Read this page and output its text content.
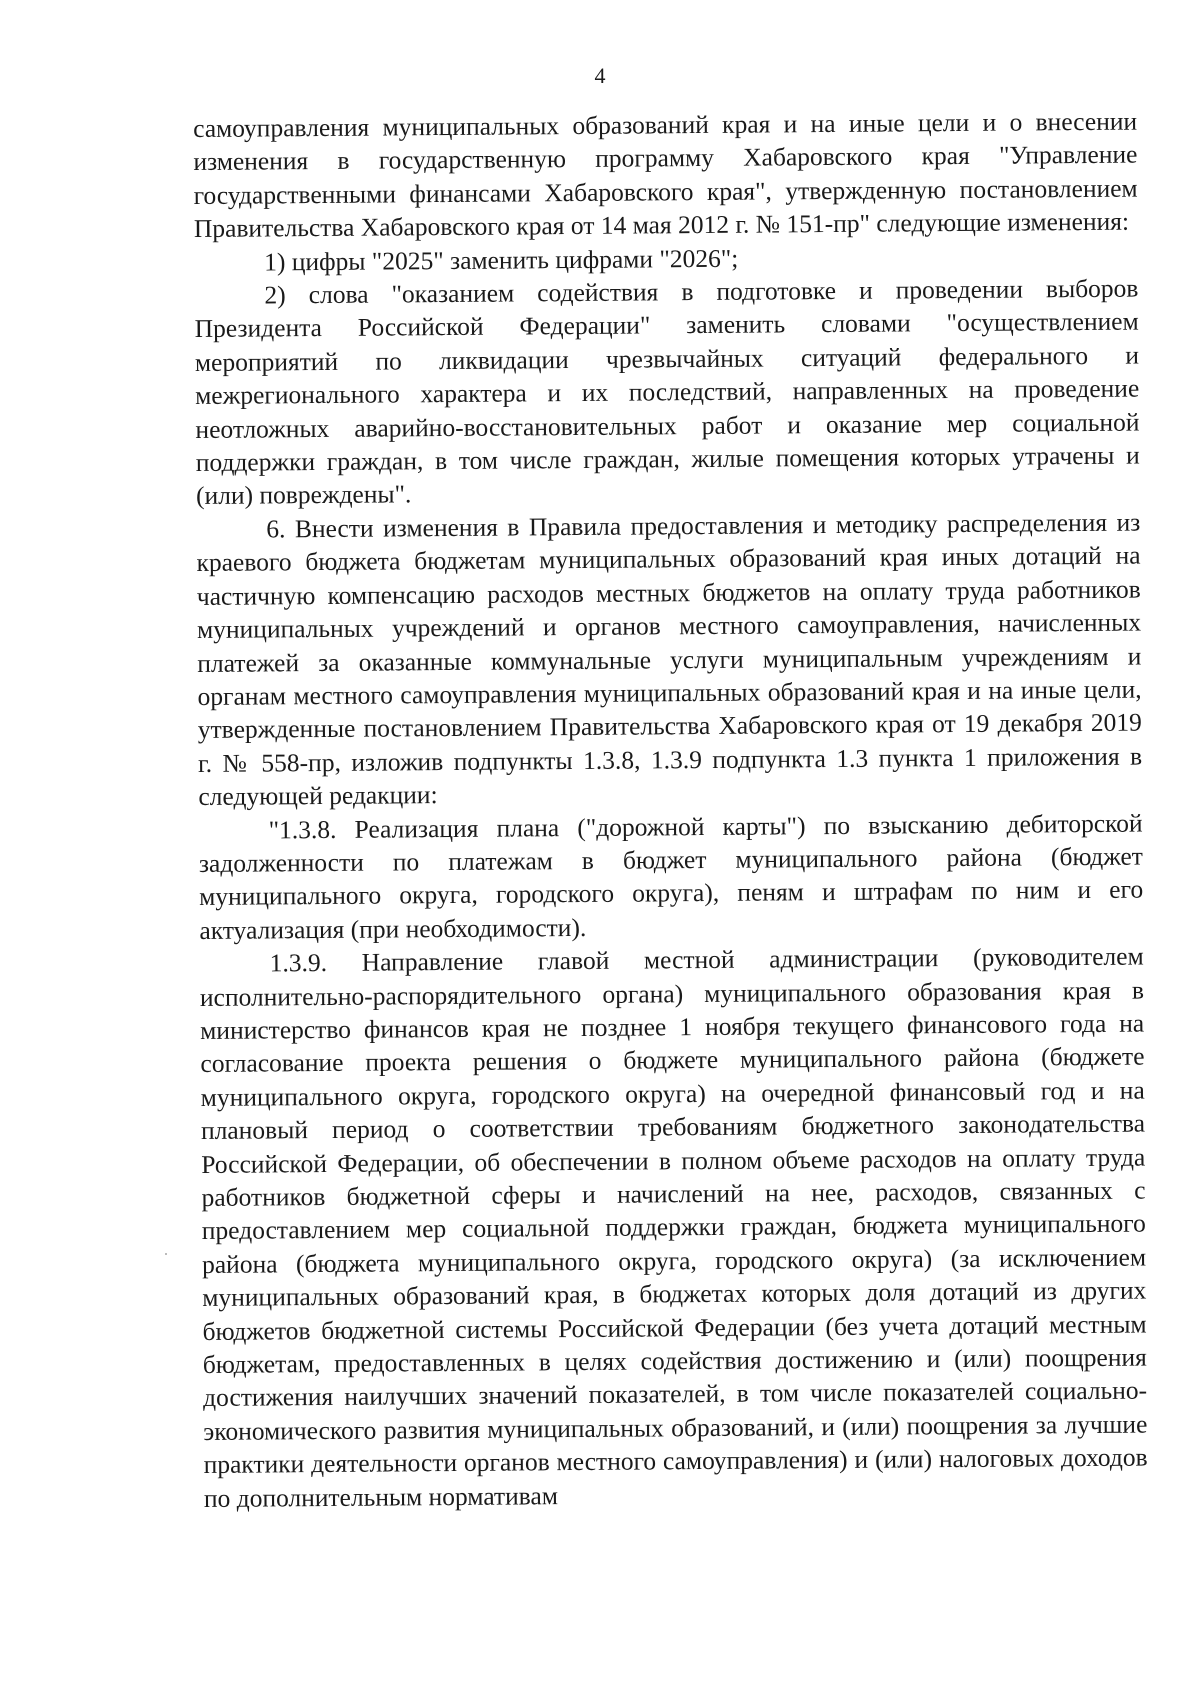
4

самоуправления муниципальных образований края и на иные цели и о внесении изменения в государственную программу Хабаровского края "Управление государственными финансами Хабаровского края", утвержденную постановлением Правительства Хабаровского края от 14 мая 2012 г. № 151-пр" следующие изменения:

1) цифры "2025" заменить цифрами "2026";

2) слова "оказанием содействия в подготовке и проведении выборов Президента Российской Федерации" заменить словами "осуществлением мероприятий по ликвидации чрезвычайных ситуаций федерального и межрегионального характера и их последствий, направленных на проведение неотложных аварийно-восстановительных работ и оказание мер социальной поддержки граждан, в том числе граждан, жилые помещения которых утрачены и (или) повреждены".

6. Внести изменения в Правила предоставления и методику распределения из краевого бюджета бюджетам муниципальных образований края иных дотаций на частичную компенсацию расходов местных бюджетов на оплату труда работников муниципальных учреждений и органов местного самоуправления, начисленных платежей за оказанные коммунальные услуги муниципальным учреждениям и органам местного самоуправления муниципальных образований края и на иные цели, утвержденные постановлением Правительства Хабаровского края от 19 декабря 2019 г. № 558-пр, изложив подпункты 1.3.8, 1.3.9 подпункта 1.3 пункта 1 приложения в следующей редакции:

"1.3.8. Реализация плана ("дорожной карты") по взысканию дебиторской задолженности по платежам в бюджет муниципального района (бюджет муниципального округа, городского округа), пеням и штрафам по ним и его актуализация (при необходимости).

1.3.9. Направление главой местной администрации (руководителем исполнительно-распорядительного органа) муниципального образования края в министерство финансов края не позднее 1 ноября текущего финансового года на согласование проекта решения о бюджете муниципального района (бюджете муниципального округа, городского округа) на очередной финансовый год и на плановый период о соответствии требованиям бюджетного законодательства Российской Федерации, об обеспечении в полном объеме расходов на оплату труда работников бюджетной сферы и начислений на нее, расходов, связанных с предоставлением мер социальной поддержки граждан, бюджета муниципального района (бюджета муниципального округа, городского округа) (за исключением муниципальных образований края, в бюджетах которых доля дотаций из других бюджетов бюджетной системы Российской Федерации (без учета дотаций местным бюджетам, предоставленных в целях содействия достижению и (или) поощрения достижения наилучших значений показателей, в том числе показателей социально-экономического развития муниципальных образований, и (или) поощрения за лучшие практики деятельности органов местного самоуправления) и (или) налоговых доходов по дополнительным нормативам
